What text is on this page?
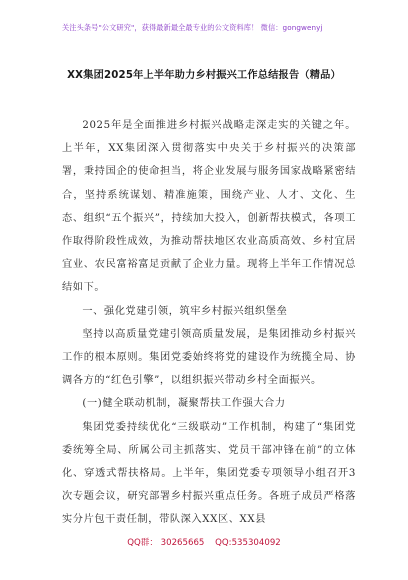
关注头条号"公文研究"，获得最新最全最专业的公文资料库！ 微信：gongwenyj
XX集团2025年上半年助力乡村振兴工作总结报告（精品）

2025年是全面推进乡村振兴战略走深走实的关键之年。上半年，XX集团深入贯彻落实中央关于乡村振兴的决策部署，秉持国企的使命担当，将企业发展与服务国家战略紧密结合，坚持系统谋划、精准施策，围绕产业、人才、文化、生态、组织“五个振兴”，持续加大投入，创新帮扶模式，各项工作取得阶段性成效，为推动帮扶地区农业高质高效、乡村宜居宜业、农民富裕富足贡献了企业力量。现将上半年工作情况总结如下。

一、强化党建引领，筑牢乡村振兴组织堡垒

坚持以高质量党建引领高质量发展，是集团推动乡村振兴工作的根本原则。集团党委始终将党的建设作为统揽全局、协调各方的“红色引擎”，以组织振兴带动乡村全面振兴。

(一)健全联动机制，凝聚帮扶工作强大合力

集团党委持续优化“三级联动”工作机制，构建了“集团党委统筹全局、所属公司主抓落实、党员干部冲锋在前”的立体化、穿透式帮扶格局。上半年，集团党委专项领导小组召开3次专题会议，研究部署乡村振兴重点任务。各班子成员严格落实分片包干责任制，带队深入XX区、XX县

QQ群： 30265665 QQ:535304092
